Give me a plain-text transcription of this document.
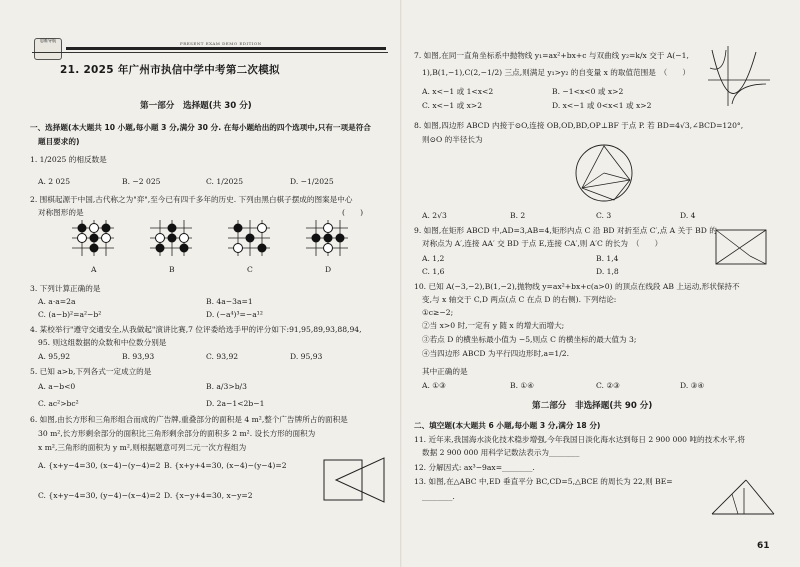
思维导航
PRESENT EXAM DEMO EDITION
21. 2025 年广州市执信中学中考第二次模拟
第一部分　选择题(共 30 分)
一、选择题(本大题共 10 小题,每小题 3 分,满分 30 分. 在每小题给出的四个选项中,只有一项是符合
题目要求的)
1. 1/2025 的相反数是
A. 2 025	B. −2 025	C. 1/2025	D. −1/2025
2. 围棋起源于中国,古代称之为"弈",至今已有四千多年的历史. 下列由黑白棋子摆成的图案是中心
对称图形的是	(　　)
A	B	C	D
3. 下列计算正确的是
A. a·a=2a	B. 4a−3a=1
C. (a−b)²=a²−b²	D. (−a⁴)³=−a¹²
4. 某校举行"遵守交通安全,从我做起"演讲比赛,7 位评委给选手甲的评分如下:91,95,89,93,88,94,
95. 则这组数据的众数和中位数分别是
A. 95,92	B. 93,93	C. 93,92	D. 95,93
5. 已知 a>b,下列各式一定成立的是
A. a−b<0	B. a/3>b/3
C. ac²>bc²	D. 2a−1<2b−1
6. 如图,由长方形和三角形组合而成的广告牌,重叠部分的面积是 4 m²,整个广告牌所占的面积是
30 m²,长方形剩余部分的面积比三角形剩余部分的面积多 2 m². 设长方形的面积为
x m²,三角形的面积为 y m²,则根据题意可列二元一次方程组为
A. {x+y−4=30, (x−4)−(y−4)=2 B. {x+y+4=30, (x−4)−(y−4)=2
C. {x+y−4=30, (y−4)−(x−4)=2 D. {x−y+4=30, x−y=2
7. 如图,在同一直角坐标系中抛物线 y₁=ax²+bx+c 与双曲线 y₂=k/x 交于 A(−1,
1),B(1,−1),C(2,−1/2) 三点,则满足 y₁>y₂ 的自变量 x 的取值范围是　（　　）
A. x<−1 或 1<x<2	B. −1<x<0 或 x>2
C. x<−1 或 x>2	D. x<−1 或 0<x<1 或 x>2
8. 如图,四边形 ABCD 内接于⊙O,连接 OB,OD,BD,OP⊥BF 于点 P. 若 BD=4√3,∠BCD=120°,
则⊙O 的半径长为
A. 2√3	B. 2	C. 3	D. 4
9. 如图,在矩形 ABCD 中,AD=3,AB=4,矩形内点 C 沿 BD 对折至点 C′,点 A 关于 BD 的
对称点为 A′,连接 AA′ 交 BD 于点 E,连接 CA′,则 A′C 的长为　（　　）
A. 1,2	B. 1,4
C. 1,6	D. 1,8
10. 已知 A(−3,−2),B(1,−2),抛物线 y=ax²+bx+c(a>0) 的顶点在线段 AB 上运动,形状保持不
变,与 x 轴交于 C,D 两点(点 C 在点 D 的右侧). 下列结论:
①c≥−2;
②当 x>0 时,一定有 y 随 x 的增大而增大;
③若点 D 的横坐标最小值为 −5,则点 C 的横坐标的最大值为 3;
④当四边形 ABCD 为平行四边形时,a=1/2.
其中正确的是
A. ①③	B. ①④	C. ②③	D. ③④
第二部分　非选择题(共 90 分)
二、填空题(本大题共 6 小题,每小题 3 分,满分 18 分)
11. 近年来,我国海水淡化技术稳步增强,今年我国日淡化海水达到每日 2 900 000 吨的技术水平,将
数据 2 900 000 用科学记数法表示为________
12. 分解因式: ax³−9ax=________.
13. 如图,在△ABC 中,ED 垂直平分 BC,CD=5,△BCE 的周长为 22,则 BE=
________.
61
